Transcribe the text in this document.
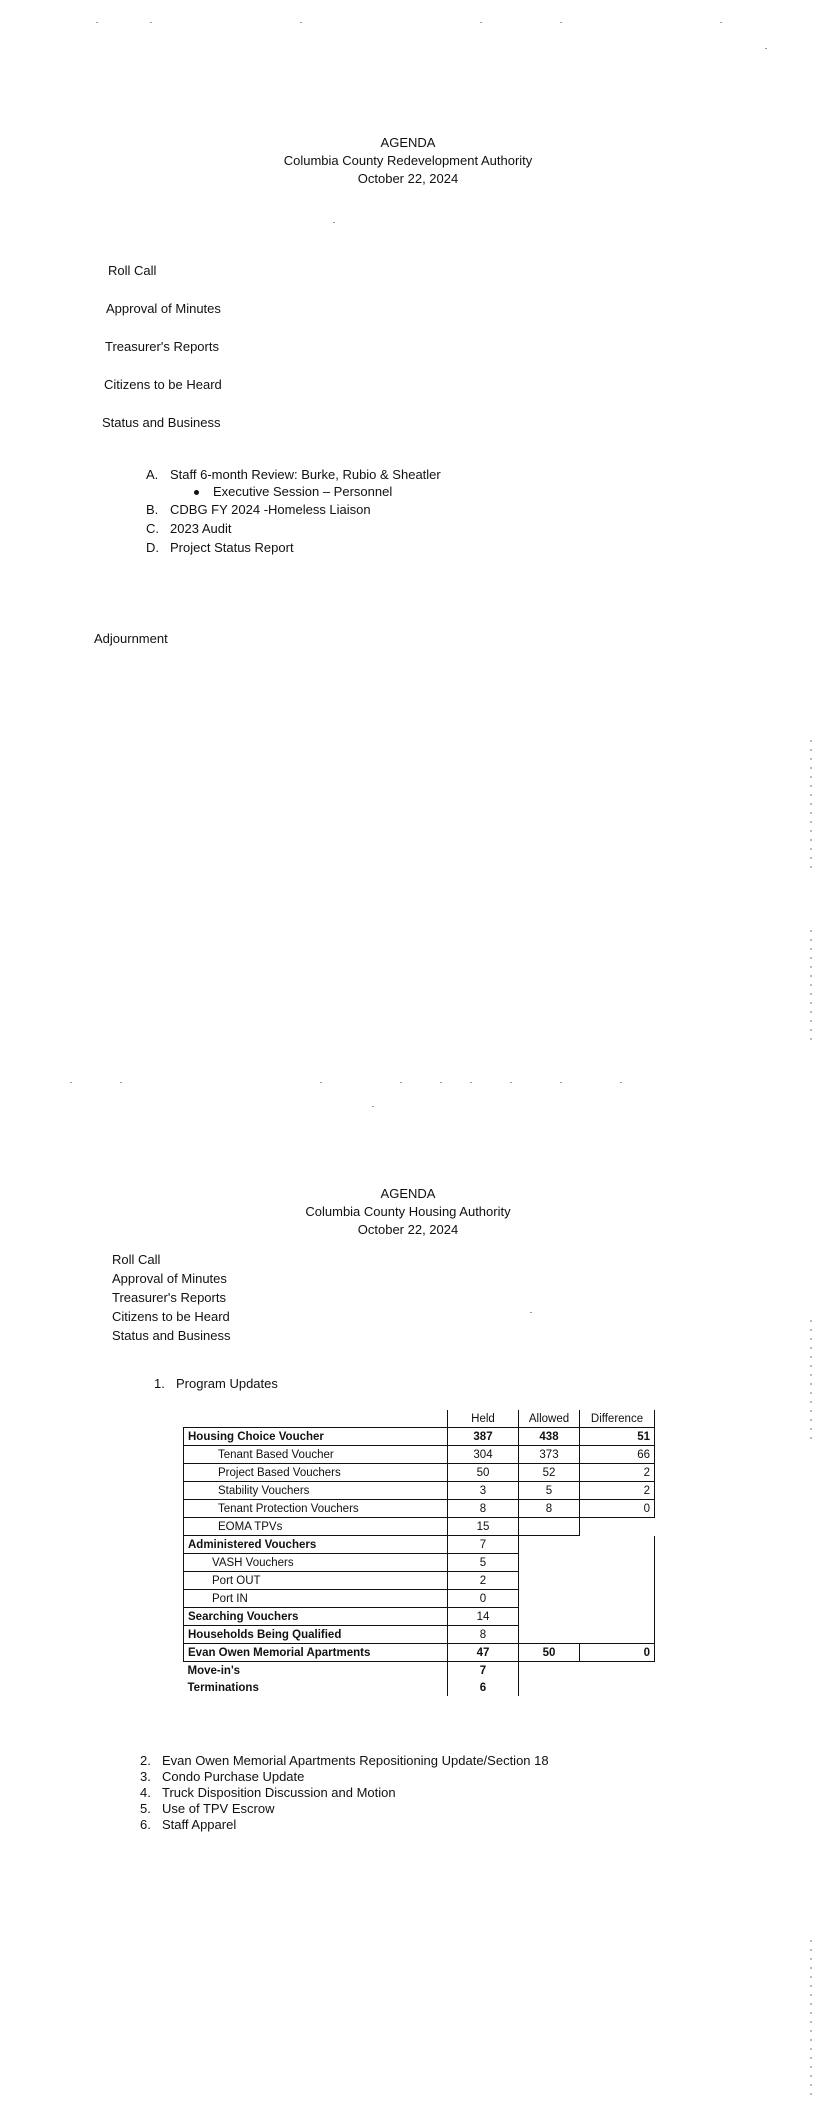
AGENDA
Columbia County Redevelopment Authority
October 22, 2024
Roll Call
Approval of Minutes
Treasurer's Reports
Citizens to be Heard
Status and Business
A. Staff 6-month Review: Burke, Rubio & Sheatler
Executive Session – Personnel
B. CDBG FY 2024 -Homeless Liaison
C. 2023 Audit
D. Project Status Report
Adjournment
AGENDA
Columbia County Housing Authority
October 22, 2024
Roll Call
Approval of Minutes
Treasurer's Reports
Citizens to be Heard
Status and Business
1. Program Updates
	Held	Allowed	Difference
Housing Choice Voucher	387	438	51
Tenant Based Voucher	304	373	66
Project Based Vouchers	50	52	2
Stability Vouchers	3	5	2
Tenant Protection Vouchers	8	8	0
EOMA TPVs	15		
Administered Vouchers	7		
VASH Vouchers	5		
Port OUT	2		
Port IN	0		
Searching Vouchers	14		
Households Being Qualified	8		
Evan Owen Memorial Apartments	47	50	0
Move-in's	7		
Terminations	6		
2. Evan Owen Memorial Apartments Repositioning Update/Section 18
3. Condo Purchase Update
4. Truck Disposition Discussion and Motion
5. Use of TPV Escrow
6. Staff Apparel
